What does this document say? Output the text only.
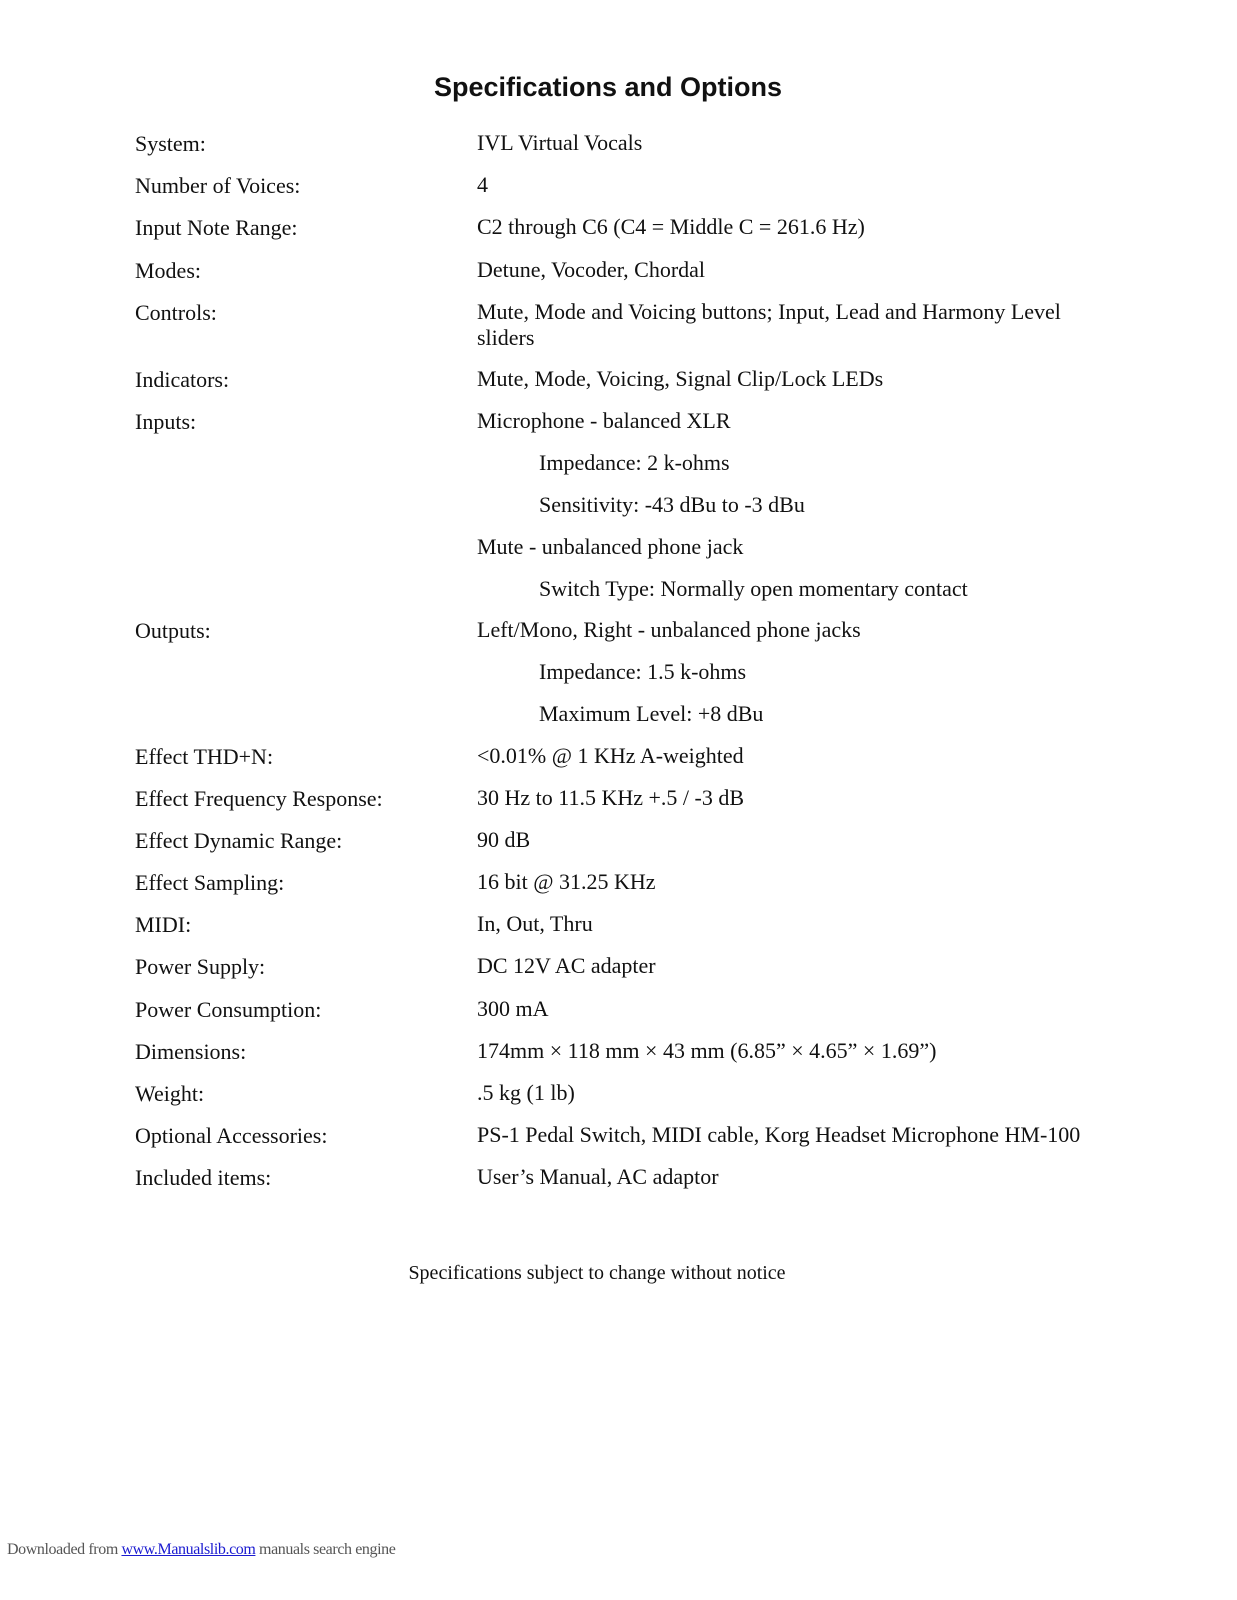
Specifications and Options
System:	IVL Virtual Vocals
Number of Voices:	4
Input Note Range:	C2 through C6 (C4 = Middle C = 261.6 Hz)
Modes:	Detune, Vocoder, Chordal
Controls:	Mute, Mode and Voicing buttons; Input, Lead and Harmony Level sliders
Indicators:	Mute, Mode, Voicing, Signal Clip/Lock LEDs
Inputs:	Microphone - balanced XLR
Impedance: 2 k-ohms
Sensitivity: -43 dBu to -3 dBu
Mute - unbalanced phone jack
Switch Type: Normally open momentary contact
Outputs:	Left/Mono, Right - unbalanced phone jacks
Impedance: 1.5 k-ohms
Maximum Level: +8 dBu
Effect THD+N:	<0.01% @ 1 KHz A-weighted
Effect Frequency Response:	30 Hz to 11.5 KHz +.5 / -3 dB
Effect Dynamic Range:	90 dB
Effect Sampling:	16 bit @ 31.25 KHz
MIDI:	In, Out, Thru
Power Supply:	DC 12V AC adapter
Power Consumption:	300 mA
Dimensions:	174mm × 118 mm × 43 mm (6.85” × 4.65” × 1.69”)
Weight:	.5 kg (1 lb)
Optional Accessories:	PS-1 Pedal Switch, MIDI cable, Korg Headset Microphone HM-100
Included items:	User’s Manual, AC adaptor
Specifications subject to change without notice
Downloaded from www.Manualslib.com manuals search engine
